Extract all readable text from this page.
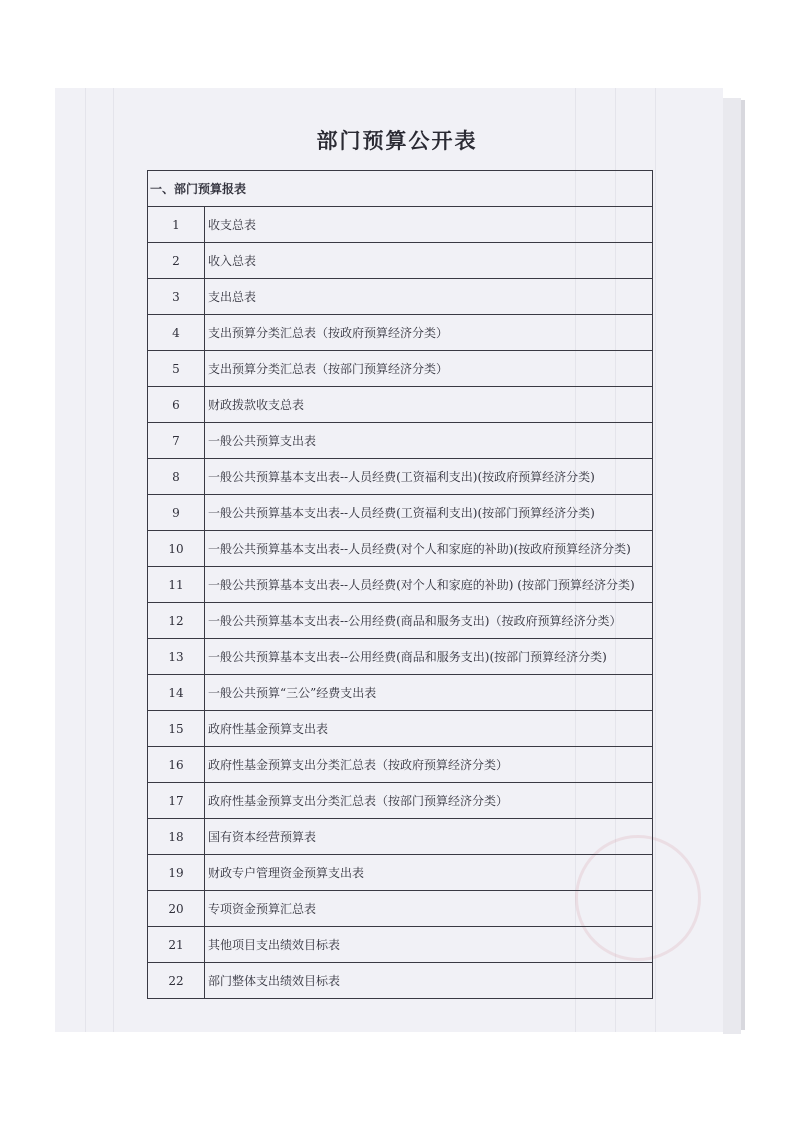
部门预算公开表
一、部门预算报表	
1	收支总表
2	收入总表
3	支出总表
4	支出预算分类汇总表（按政府预算经济分类）
5	支出预算分类汇总表（按部门预算经济分类）
6	财政拨款收支总表
7	一般公共预算支出表
8	一般公共预算基本支出表--人员经费(工资福利支出)(按政府预算经济分类)
9	一般公共预算基本支出表--人员经费(工资福利支出)(按部门预算经济分类)
10	一般公共预算基本支出表--人员经费(对个人和家庭的补助)(按政府预算经济分类)
11	一般公共预算基本支出表--人员经费(对个人和家庭的补助) (按部门预算经济分类)
12	一般公共预算基本支出表--公用经费(商品和服务支出)（按政府预算经济分类）
13	一般公共预算基本支出表--公用经费(商品和服务支出)(按部门预算经济分类)
14	一般公共预算“三公”经费支出表
15	政府性基金预算支出表
16	政府性基金预算支出分类汇总表（按政府预算经济分类）
17	政府性基金预算支出分类汇总表（按部门预算经济分类）
18	国有资本经营预算表
19	财政专户管理资金预算支出表
20	专项资金预算汇总表
21	其他项目支出绩效目标表
22	部门整体支出绩效目标表
